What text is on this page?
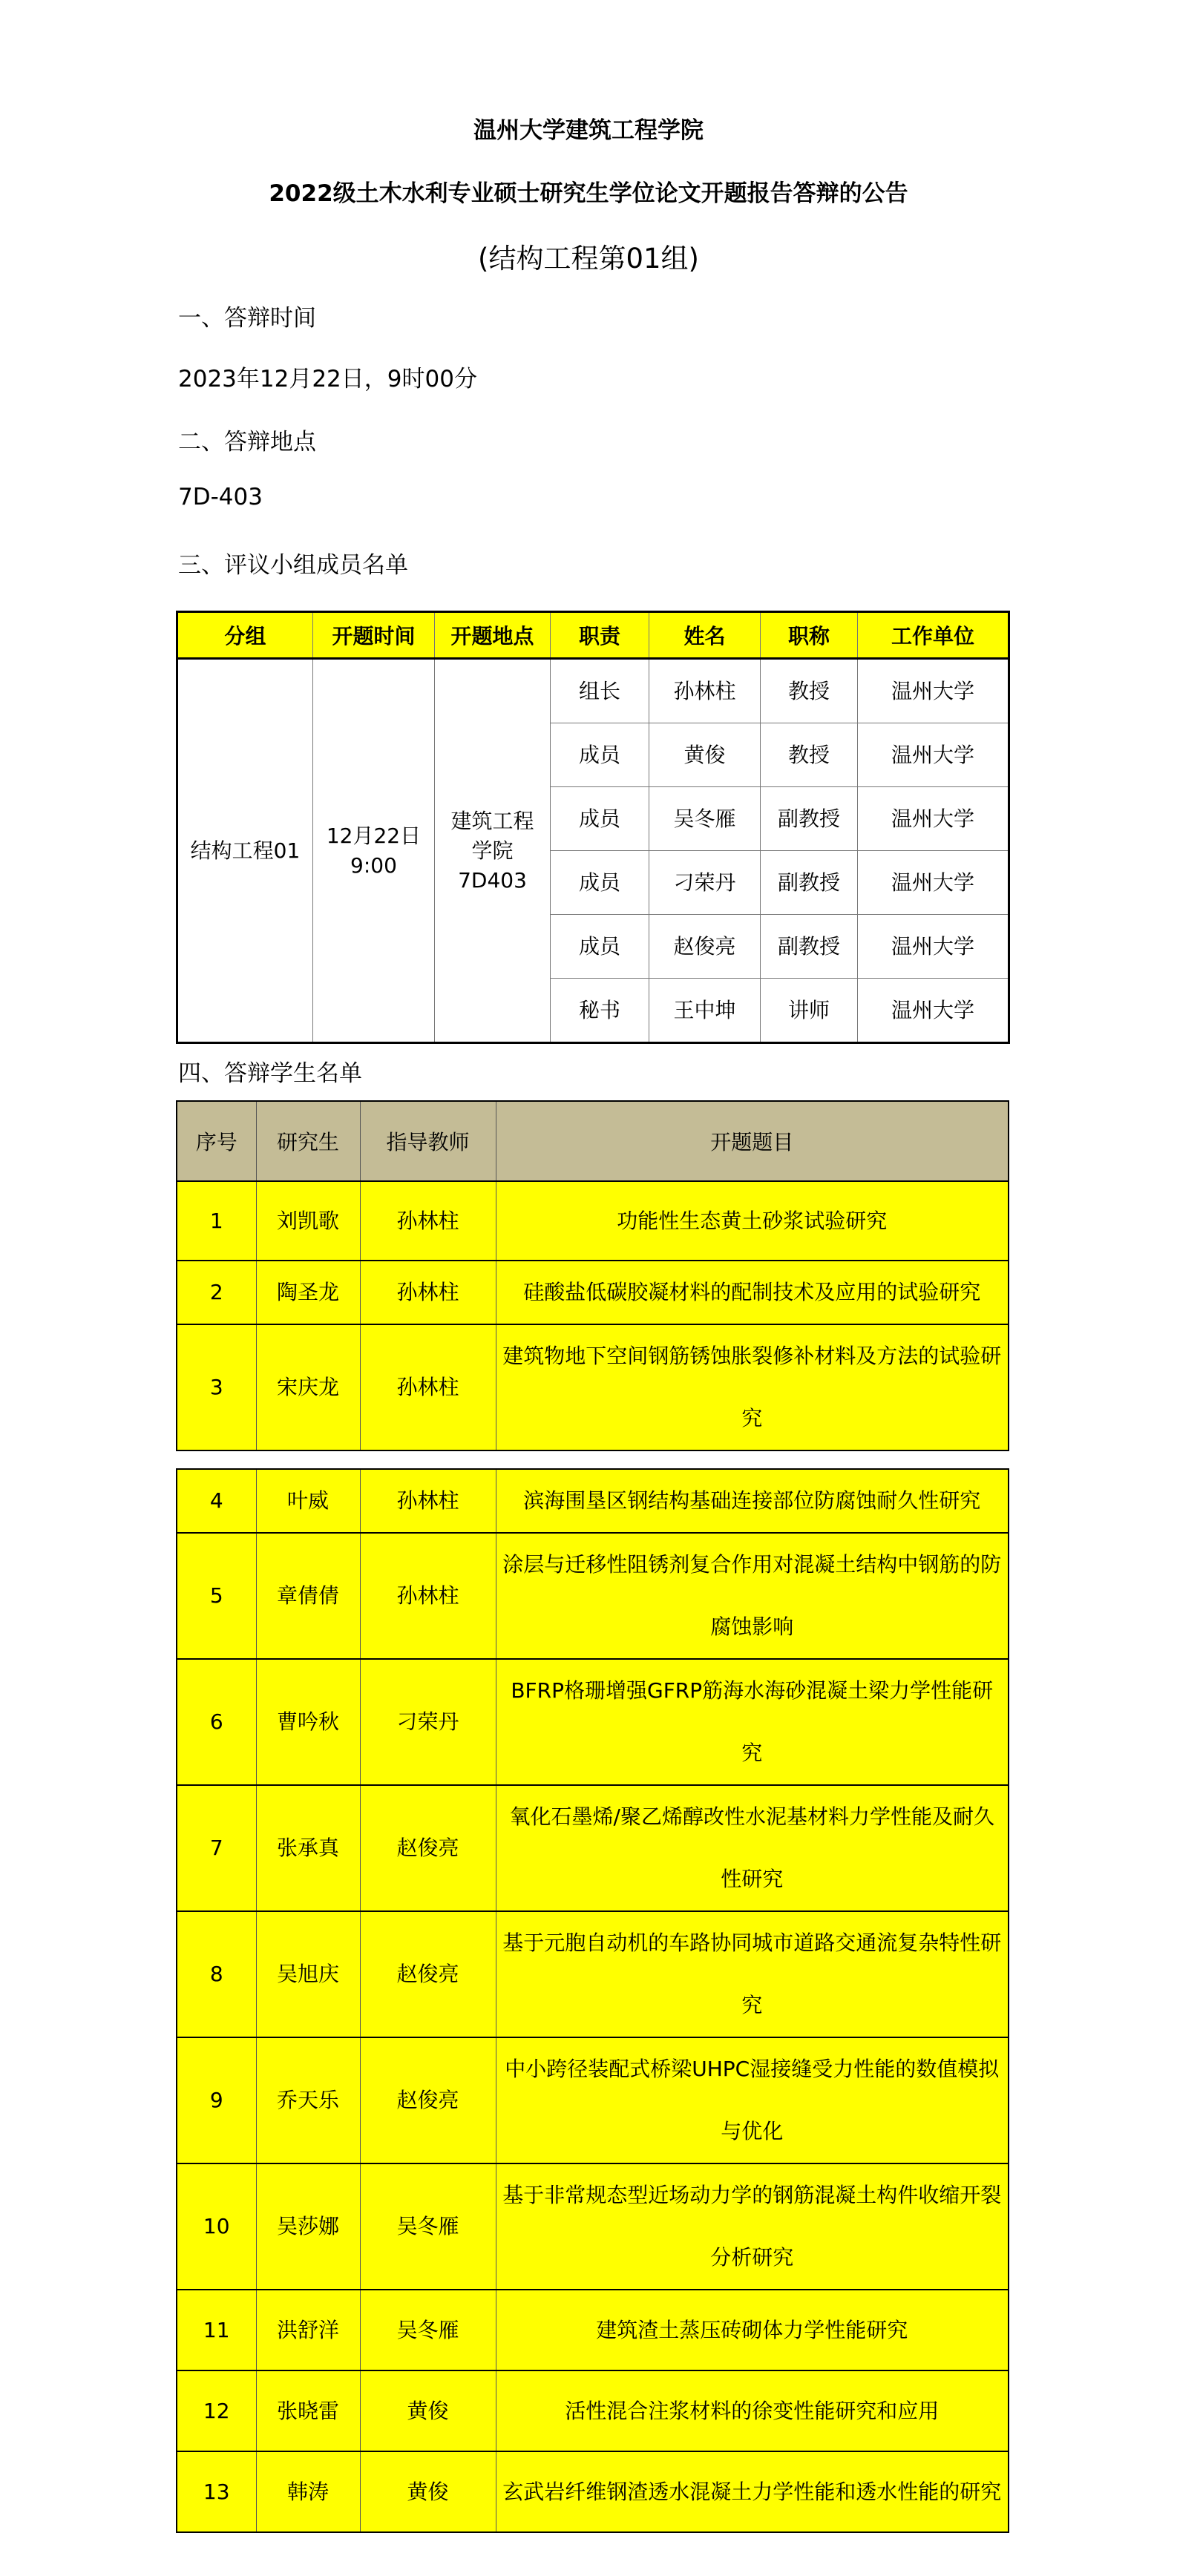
温州大学建筑工程学院
2022级土木水利专业硕士研究生学位论文开题报告答辩的公告
(结构工程第01组)
一、答辩时间
2023年12月22日，9时00分
二、答辩地点
7D-403
三、评议小组成员名单
分组	开题时间	开题地点	职责	姓名	职称	工作单位
结构工程01	12月22日 9:00	建筑工程学院 7D403	组长	孙林柱	教授	温州大学
			成员	黄俊	教授	温州大学
			成员	吴冬雁	副教授	温州大学
			成员	刁荣丹	副教授	温州大学
			成员	赵俊亮	副教授	温州大学
			秘书	王中坤	讲师	温州大学
四、答辩学生名单
序号	研究生	指导教师	开题题目
1	刘凯歌	孙林柱	功能性生态黄土砂浆试验研究
2	陶圣龙	孙林柱	硅酸盐低碳胶凝材料的配制技术及应用的试验研究
3	宋庆龙	孙林柱	建筑物地下空间钢筋锈蚀胀裂修补材料及方法的试验研究
4	叶威	孙林柱	滨海围垦区钢结构基础连接部位防腐蚀耐久性研究
5	章倩倩	孙林柱	涂层与迁移性阻锈剂复合作用对混凝土结构中钢筋的防腐蚀影响
6	曹吟秋	刁荣丹	BFRP格珊增强GFRP筋海水海砂混凝土梁力学性能研究
7	张承真	赵俊亮	氧化石墨烯/聚乙烯醇改性水泥基材料力学性能及耐久性研究
8	吴旭庆	赵俊亮	基于元胞自动机的车路协同城市道路交通流复杂特性研究
9	乔天乐	赵俊亮	中小跨径装配式桥梁UHPC湿接缝受力性能的数值模拟与优化
10	吴莎娜	吴冬雁	基于非常规态型近场动力学的钢筋混凝土构件收缩开裂分析研究
11	洪舒洋	吴冬雁	建筑渣土蒸压砖砌体力学性能研究
12	张晓雷	黄俊	活性混合注浆材料的徐变性能研究和应用
13	韩涛	黄俊	玄武岩纤维钢渣透水混凝土力学性能和透水性能的研究
